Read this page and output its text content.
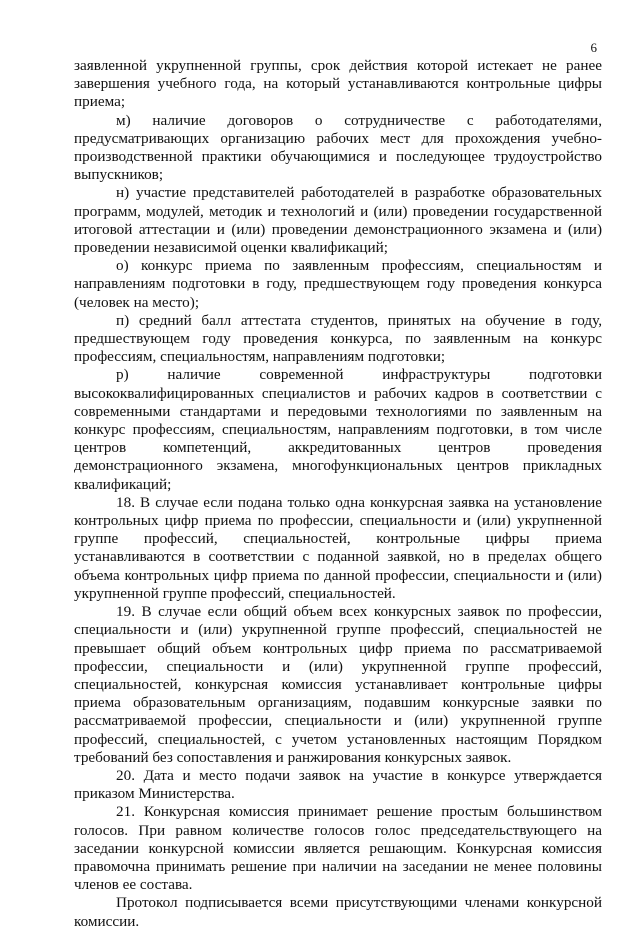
6

заявленной укрупненной группы, срок действия которой истекает не ранее завершения учебного года, на который устанавливаются контрольные цифры приема;

м) наличие договоров о сотрудничестве с работодателями, предусматривающих организацию рабочих мест для прохождения учебно-производственной практики обучающимися и последующее трудоустройство выпускников;

н) участие представителей работодателей в разработке образовательных программ, модулей, методик и технологий и (или) проведении государственной итоговой аттестации и (или) проведении демонстрационного экзамена и (или) проведении независимой оценки квалификаций;

о) конкурс приема по заявленным профессиям, специальностям и направлениям подготовки в году, предшествующем году проведения конкурса (человек на место);

п) средний балл аттестата студентов, принятых на обучение в году, предшествующем году проведения конкурса, по заявленным на конкурс профессиям, специальностям, направлениям подготовки;

р) наличие современной инфраструктуры подготовки высококвалифицированных специалистов и рабочих кадров в соответствии с современными стандартами и передовыми технологиями по заявленным на конкурс профессиям, специальностям, направлениям подготовки, в том числе центров компетенций, аккредитованных центров проведения демонстрационного экзамена, многофункциональных центров прикладных квалификаций;

18. В случае если подана только одна конкурсная заявка на установление контрольных цифр приема по профессии, специальности и (или) укрупненной группе профессий, специальностей, контрольные цифры приема устанавливаются в соответствии с поданной заявкой, но в пределах общего объема контрольных цифр приема по данной профессии, специальности и (или) укрупненной группе профессий, специальностей.

19. В случае если общий объем всех конкурсных заявок по профессии, специальности и (или) укрупненной группе профессий, специальностей не превышает общий объем контрольных цифр приема по рассматриваемой профессии, специальности и (или) укрупненной группе профессий, специальностей, конкурсная комиссия устанавливает контрольные цифры приема образовательным организациям, подавшим конкурсные заявки по рассматриваемой профессии, специальности и (или) укрупненной группе профессий, специальностей, с учетом установленных настоящим Порядком требований без сопоставления и ранжирования конкурсных заявок.

20. Дата и место подачи заявок на участие в конкурсе утверждается приказом Министерства.

21. Конкурсная комиссия принимает решение простым большинством голосов. При равном количестве голосов голос председательствующего на заседании конкурсной комиссии является решающим. Конкурсная комиссия правомочна принимать решение при наличии на заседании не менее половины членов ее состава.

Протокол подписывается всеми присутствующими членами конкурсной комиссии.
